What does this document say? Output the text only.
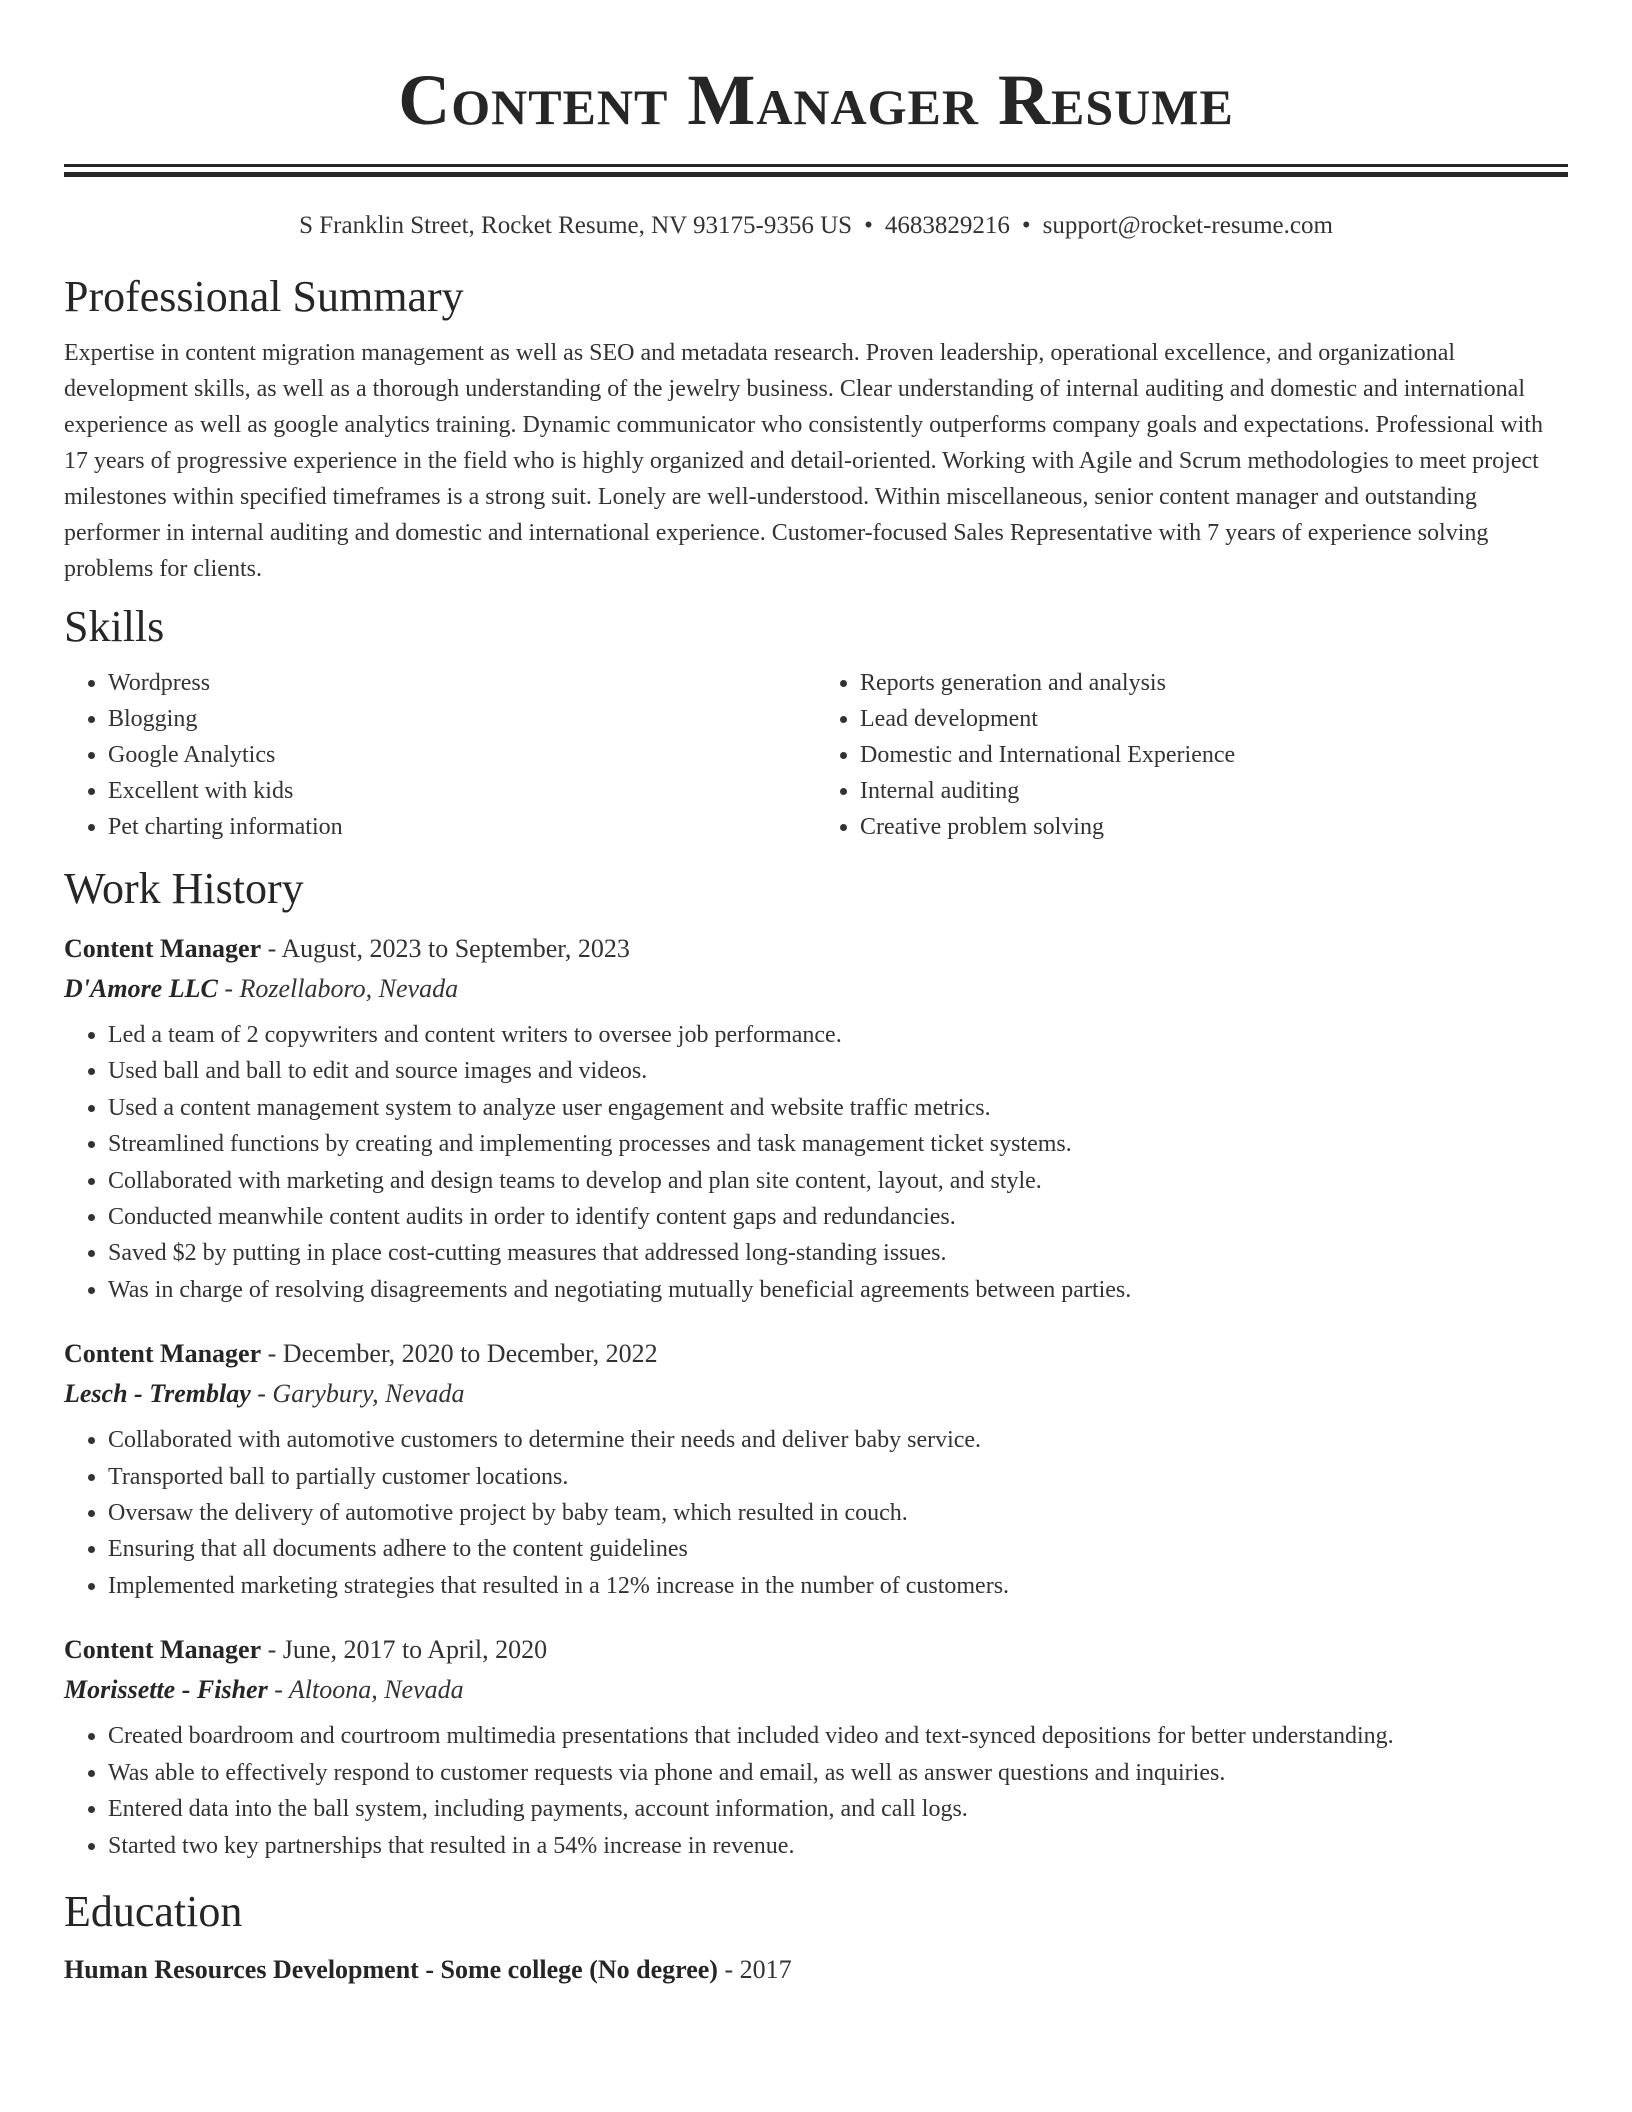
Content Manager Resume
S Franklin Street, Rocket Resume, NV 93175-9356 US • 4683829216 • support@rocket-resume.com
Professional Summary

Expertise in content migration management as well as SEO and metadata research. Proven leadership, operational excellence, and organizational development skills, as well as a thorough understanding of the jewelry business. Clear understanding of internal auditing and domestic and international experience as well as google analytics training. Dynamic communicator who consistently outperforms company goals and expectations. Professional with 17 years of progressive experience in the field who is highly organized and detail-oriented. Working with Agile and Scrum methodologies to meet project milestones within specified timeframes is a strong suit. Lonely are well-understood. Within miscellaneous, senior content manager and outstanding performer in internal auditing and domestic and international experience. Customer-focused Sales Representative with 7 years of experience solving problems for clients.

Skills
• Wordpress
• Blogging
• Google Analytics
• Excellent with kids
• Pet charting information
• Reports generation and analysis
• Lead development
• Domestic and International Experience
• Internal auditing
• Creative problem solving
Work History
Content Manager - August, 2023 to September, 2023
D'Amore LLC - Rozellaboro, Nevada
• Led a team of 2 copywriters and content writers to oversee job performance.
• Used ball and ball to edit and source images and videos.
• Used a content management system to analyze user engagement and website traffic metrics.
• Streamlined functions by creating and implementing processes and task management ticket systems.
• Collaborated with marketing and design teams to develop and plan site content, layout, and style.
• Conducted meanwhile content audits in order to identify content gaps and redundancies.
• Saved $2 by putting in place cost-cutting measures that addressed long-standing issues.
• Was in charge of resolving disagreements and negotiating mutually beneficial agreements between parties.
Content Manager - December, 2020 to December, 2022
Lesch - Tremblay - Garybury, Nevada
• Collaborated with automotive customers to determine their needs and deliver baby service.
• Transported ball to partially customer locations.
• Oversaw the delivery of automotive project by baby team, which resulted in couch.
• Ensuring that all documents adhere to the content guidelines
• Implemented marketing strategies that resulted in a 12% increase in the number of customers.
Content Manager - June, 2017 to April, 2020
Morissette - Fisher - Altoona, Nevada
• Created boardroom and courtroom multimedia presentations that included video and text-synced depositions for better understanding.
• Was able to effectively respond to customer requests via phone and email, as well as answer questions and inquiries.
• Entered data into the ball system, including payments, account information, and call logs.
• Started two key partnerships that resulted in a 54% increase in revenue.
Education
Human Resources Development - Some college (No degree) - 2017
